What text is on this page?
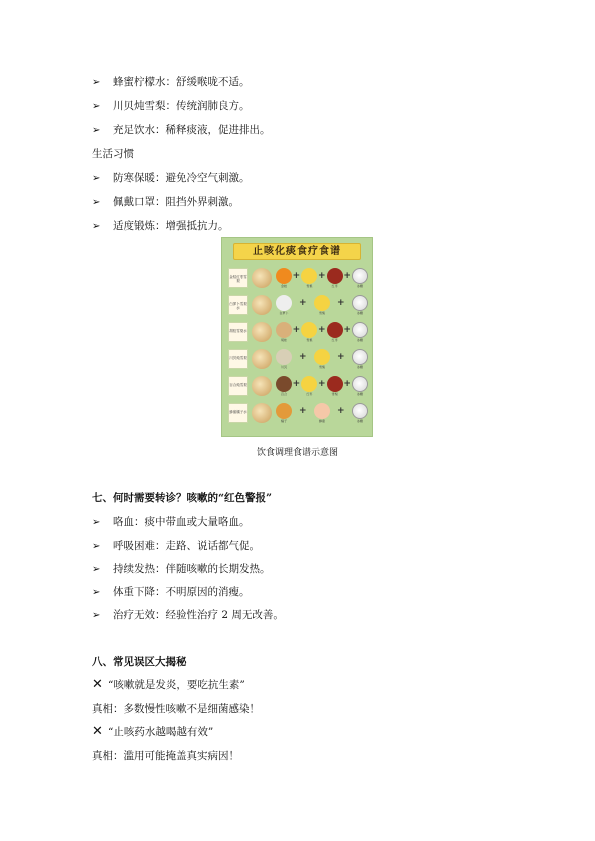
➢ 蜂蜜柠檬水：舒缓喉咙不适。
➢ 川贝炖雪梨：传统润肺良方。
➢ 充足饮水：稀释痰液，促进排出。
生活习惯
➢ 防寒保暖：避免冷空气刺激。
➢ 佩戴口罩：阻挡外界刺激。
➢ 适度锻炼：增强抵抗力。
止咳化痰食疗食谱
金桔红枣雪梨
金桔
+
雪梨
+
红枣
+
冰糖
白萝卜雪梨水
白萝卜
+
雪梨
+
冰糖
胡桂雪梨水
胡桂
+
雪梨
+
红枣
+
冰糖
川贝炖雪梨
川贝
+
雪梨
+
冰糖
百合炖雪梨
百合
+
红枣
+
雪梨
+
冰糖
蜂蜜橘子水
橘子
+
蜂蜜
+
冰糖
饮食调理食谱示意图
七、何时需要转诊？咳嗽的“红色警报”
➢ 咯血：痰中带血或大量咯血。
➢ 呼吸困难：走路、说话都气促。
➢ 持续发热：伴随咳嗽的长期发热。
➢ 体重下降：不明原因的消瘦。
➢ 治疗无效：经验性治疗 2 周无改善。
八、常见误区大揭秘
✕ “咳嗽就是发炎，要吃抗生素”
真相：多数慢性咳嗽不是细菌感染！
✕ “止咳药水越喝越有效”
真相：滥用可能掩盖真实病因！
